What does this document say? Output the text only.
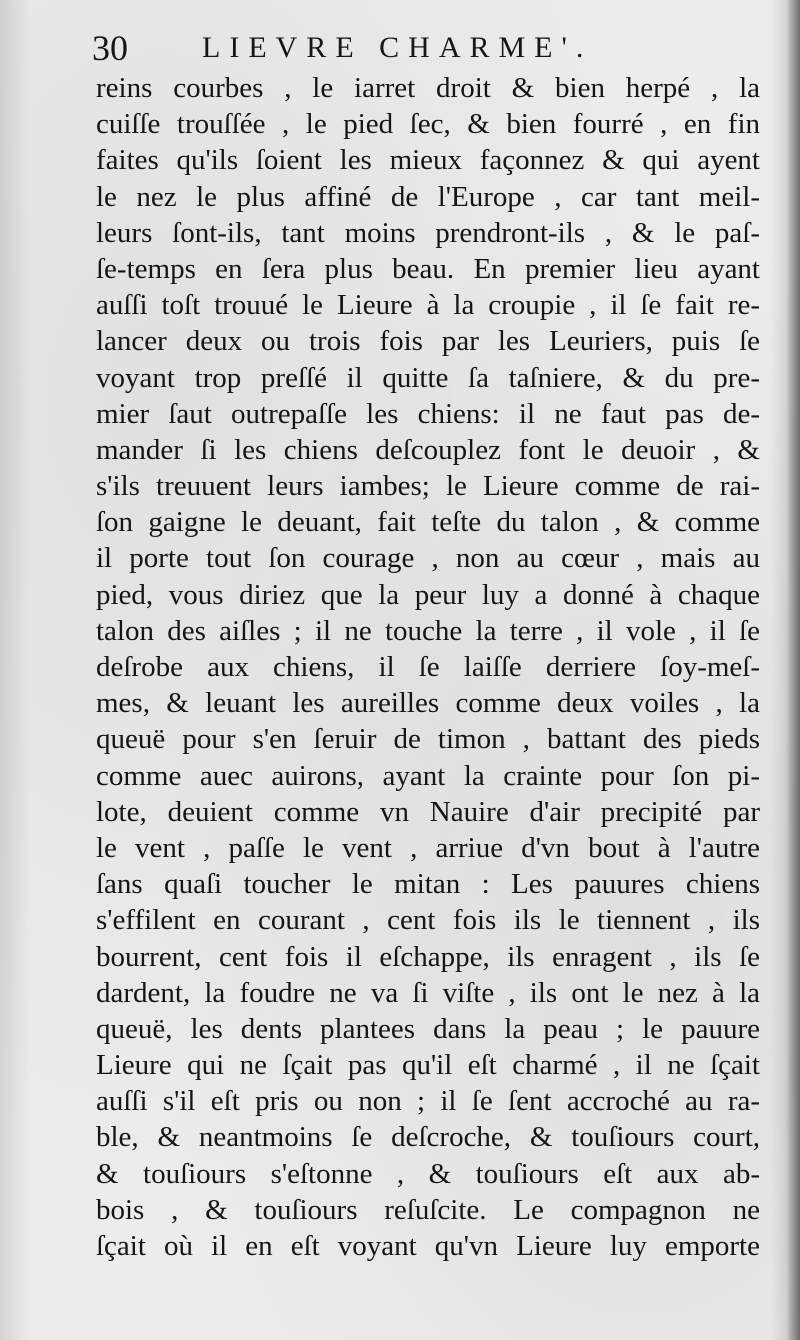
30 LIEVRE CHARME'.
reins courbes , le iarret droit & bien herpé , la
cuiſſe trouſſée , le pied ſec, & bien fourré , en fin
faites qu'ils ſoient les mieux façonnez & qui ayent
le nez le plus affiné de l'Europe , car tant meil-
leurs ſont-ils, tant moins prendront-ils , & le paſ-
ſe-temps en ſera plus beau. En premier lieu ayant
auſſi toſt trouué le Lieure à la croupie , il ſe fait re-
lancer deux ou trois fois par les Leuriers, puis ſe
voyant trop preſſé il quitte ſa taſniere, & du pre-
mier ſaut outrepaſſe les chiens: il ne faut pas de-
mander ſi les chiens deſcouplez font le deuoir , &
s'ils treuuent leurs iambes; le Lieure comme de rai-
ſon gaigne le deuant, fait teſte du talon , & comme
il porte tout ſon courage , non au cœur , mais au
pied, vous diriez que la peur luy a donné à chaque
talon des aiſles ; il ne touche la terre , il vole , il ſe
deſrobe aux chiens, il ſe laiſſe derriere ſoy-meſ-
mes, & leuant les aureilles comme deux voiles , la
queuë pour s'en ſeruir de timon , battant des pieds
comme auec auirons, ayant la crainte pour ſon pi-
lote, deuient comme vn Nauire d'air precipité par
le vent , paſſe le vent , arriue d'vn bout à l'autre
ſans quaſi toucher le mitan : Les pauures chiens
s'effilent en courant , cent fois ils le tiennent , ils
bourrent, cent fois il eſchappe, ils enragent , ils ſe
dardent, la foudre ne va ſi viſte , ils ont le nez à la
queuë, les dents plantees dans la peau ; le pauure
Lieure qui ne ſçait pas qu'il eſt charmé , il ne ſçait
auſſi s'il eſt pris ou non ; il ſe ſent accroché au ra-
ble, & neantmoins ſe deſcroche, & touſiours court,
& touſiours s'eſtonne , & touſiours eſt aux ab-
bois , & touſiours reſuſcite. Le compagnon ne
ſçait où il en eſt voyant qu'vn Lieure luy emporte
